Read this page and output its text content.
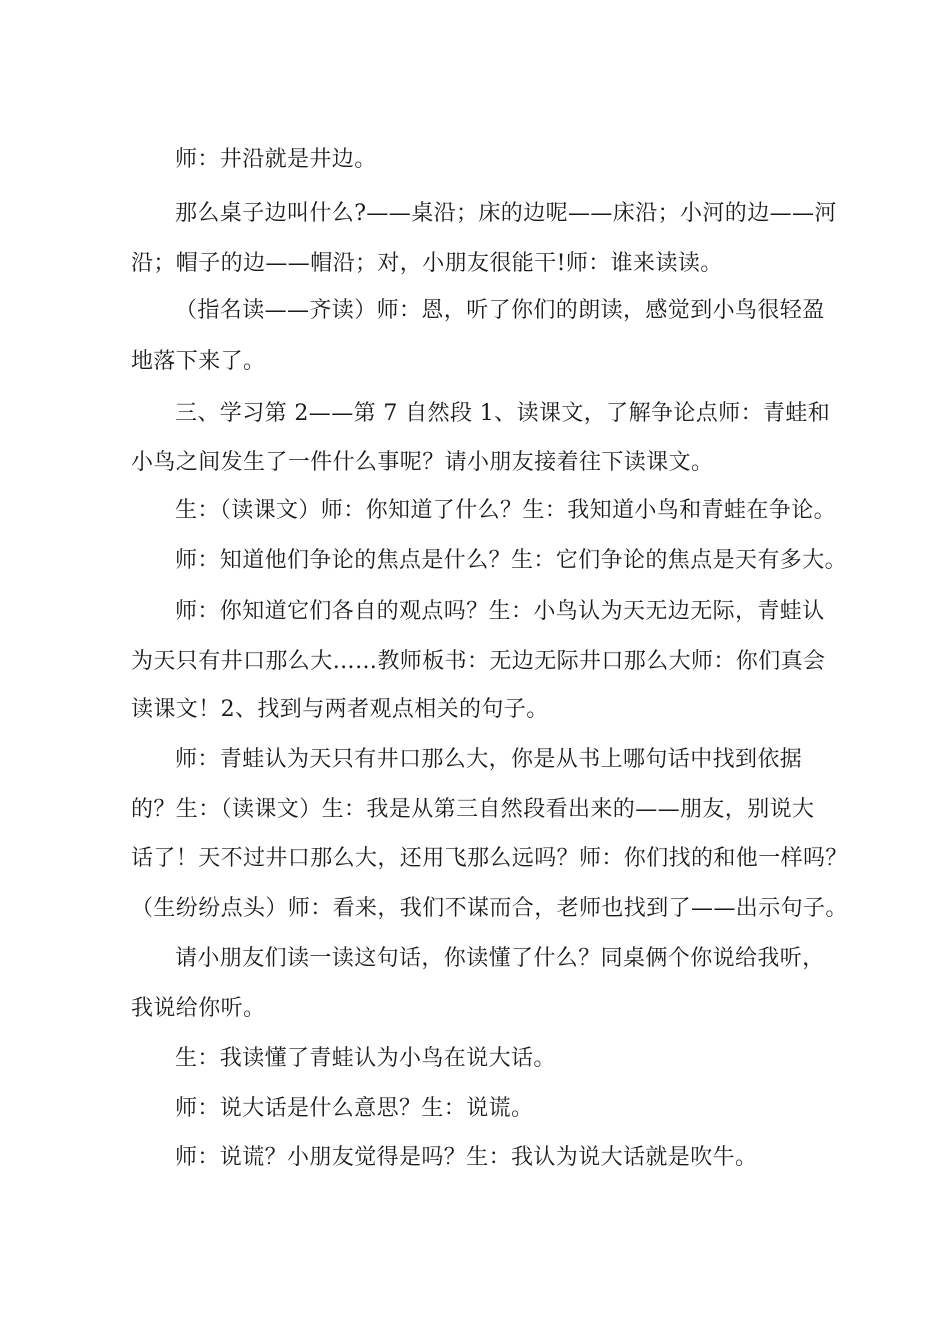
师：井沿就是井边。
那么桌子边叫什么?——桌沿；床的边呢——床沿；小河的边——河
沿；帽子的边——帽沿；对，小朋友很能干!师：谁来读读。
（指名读——齐读）师：恩，听了你们的朗读，感觉到小鸟很轻盈
地落下来了。
三、学习第 2——第 7 自然段 1、读课文，了解争论点师：青蛙和
小鸟之间发生了一件什么事呢？请小朋友接着往下读课文。
生：（读课文）师：你知道了什么？生：我知道小鸟和青蛙在争论。
师：知道他们争论的焦点是什么？生：它们争论的焦点是天有多大。
师：你知道它们各自的观点吗？生：小鸟认为天无边无际，青蛙认
为天只有井口那么大……教师板书：无边无际井口那么大师：你们真会
读课文！2、找到与两者观点相关的句子。
师：青蛙认为天只有井口那么大，你是从书上哪句话中找到依据
的？生：（读课文）生：我是从第三自然段看出来的——朋友，别说大
话了！天不过井口那么大，还用飞那么远吗？师：你们找的和他一样吗？
（生纷纷点头）师：看来，我们不谋而合，老师也找到了——出示句子。
请小朋友们读一读这句话，你读懂了什么？同桌俩个你说给我听，
我说给你听。
生：我读懂了青蛙认为小鸟在说大话。
师：说大话是什么意思？生：说谎。
师：说谎？小朋友觉得是吗？生：我认为说大话就是吹牛。
